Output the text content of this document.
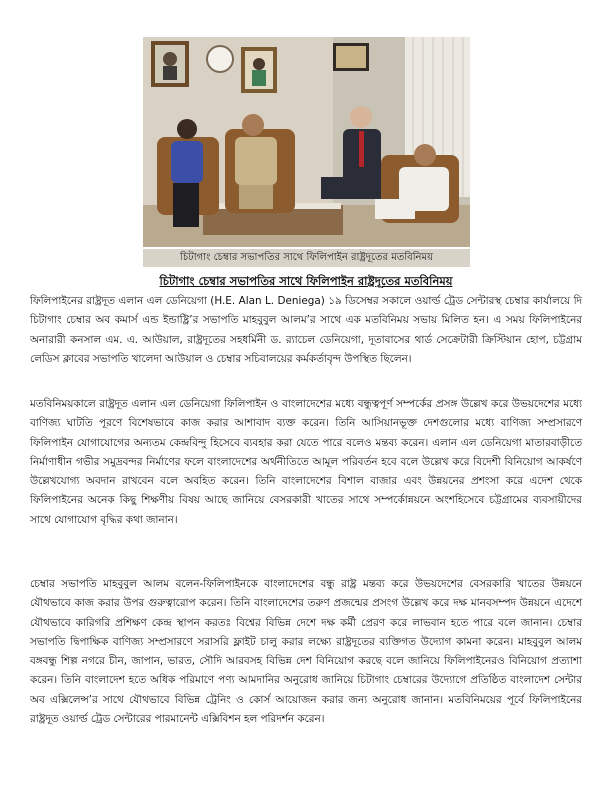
চিটাগাং চেম্বার সভাপতির সাথে ফিলিপাইন রাষ্ট্রদূতের মতবিনিময়
চিটাগাং চেম্বার সভাপতির সাথে ফিলিপাইন রাষ্ট্রদূতের মতবিনিময়

ফিলিপাইনের রাষ্ট্রদূত এলান এল ডেনিয়েগা (H.E. Alan L. Deniega) ১৯ ডিসেম্বর সকালে ওয়ার্ল্ড ট্রেড সেন্টারস্থ চেম্বার কার্যালয়ে দি চিটাগাং চেম্বার অব কমার্স এন্ড ইন্ডাষ্ট্রি’র সভাপতি মাহবুবুল আলম’র সাথে এক মতবিনিময় সভায় মিলিত হন। এ সময় ফিলিপাইনের অনারারী কনসাল এম. এ. আউয়াল, রাষ্ট্রদূতের সহধর্মিনী ড. র‍্যাচেল ডেনিয়েগা, দূতাবাসের থার্ড সেক্রেটারী ক্রিস্টিয়ান হোপ, চট্টগ্রাম লেডিস ক্লাবের সভাপতি খালেদা আউয়াল ও চেম্বার সচিবালয়ের কর্মকর্তাবৃন্দ উপস্থিত ছিলেন।

মতবিনিময়কালে রাষ্ট্রদূত এলান এল ডেনিয়েগা ফিলিপাইন ও বাংলাদেশের মধ্যে বন্ধুত্বপূর্ণ সম্পর্কের প্রসঙ্গ উল্লেখ করে উভয়দেশের মধ্যে বাণিজ্য ঘাটতি পূরণে বিশেষভাবে কাজ করার আশাবাদ ব্যক্ত করেন। তিনি আসিয়ানভূক্ত দেশগুলোর মধ্যে বাণিজ্য সম্প্রসারণে ফিলিপাইন যোগাযোগের অন্যতম কেন্দ্রবিন্দু হিসেবে ব্যবহার করা যেতে পারে বলেও মন্তব্য করেন। এলান এল ডেনিয়েগা মাতারবাড়ীতে নির্মাণাধীন গভীর সমুদ্রবন্দর নির্মাণের ফলে বাংলাদেশের অর্থনীতিতে আমূল পরিবর্তন হবে বলে উল্লেখ করে বিদেশী বিনিয়োগ আকর্ষণে উল্লেখযোগ্য অবদান রাখবেন বলে অবহিত করেন। তিনি বাংলাদেশের বিশাল বাজার এবং উন্নয়নের প্রশংসা করে এদেশ থেকে ফিলিপাইনের অনেক কিছু শিক্ষণীয় বিষয় আছে জানিয়ে বেসরকারী খাতের সাথে সম্পর্কোন্নয়নে অংশহিসেবে চট্টগ্রামের ব্যবসায়ীদের সাথে যোগাযোগ বৃদ্ধির কথা জানান।

চেম্বার সভাপতি মাহবুবুল আলম বলেন-ফিলিপাইনকে বাংলাদেশের বন্ধু রাষ্ট্র মন্তব্য করে উভয়দেশের বেসরকারি খাতের উন্নয়নে যৌথভাবে কাজ করার উপর গুরুত্বারোপ করেন। তিনি বাংলাদেশের তরুণ প্রজন্মের প্রসংগ উল্লেখ করে দক্ষ মানবসম্পদ উন্নয়নে এদেশে যৌথভাবে কারিগরি প্রশিক্ষণ কেন্দ্র স্থাপন করতঃ বিশ্বের বিভিন্ন দেশে দক্ষ কর্মী প্রেরণ করে লাভবান হতে পারে বলে জানান। চেম্বার সভাপতি দ্বিপাক্ষিক বাণিজ্য সম্প্রসারণে সরাসরি ফ্লাইট চালু করার লক্ষ্যে রাষ্ট্রদূতের ব্যক্তিগত উদ্যোগ কামনা করেন। মাহবুবুল আলম বঙ্গবন্ধু শিল্প নগরে চীন, জাপান, ভারত, সৌদি আরবসহ বিভিন্ন দেশ বিনিয়োগ করছে বলে জানিয়ে ফিলিপাইনেরও বিনিয়োগ প্রত্যাশা করেন। তিনি বাংলাদেশ হতে অধিক পরিমাণে পণ্য আমদানির অনুরোধ জানিয়ে চিটাগাং চেম্বারের উদ্যোগে প্রতিষ্ঠিত বাংলাদেশ সেন্টার অব এক্সিলেন্স’র সাথে যৌথভাবে বিভিন্ন ট্রেনিং ও কোর্স আয়োজন করার জন্য অনুরোধ জানান। মতবিনিময়ের পূর্বে ফিলিপাইনের রাষ্ট্রদূত ওয়ার্ল্ড ট্রেড সেন্টারের পারমানেন্ট এক্সিবিশন হল পরিদর্শন করেন।
